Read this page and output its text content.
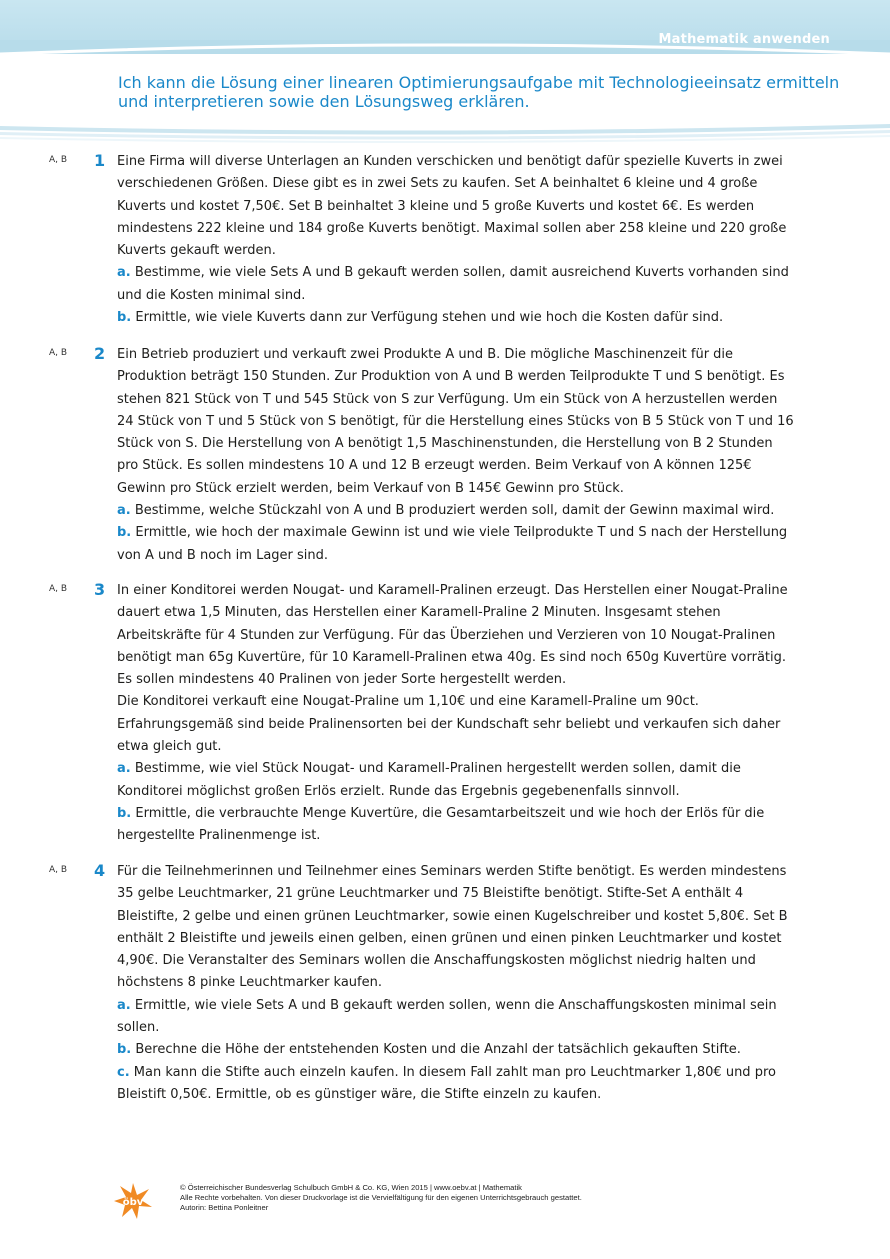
Mathematik anwenden
Ich kann die Lösung einer linearen Optimierungsaufgabe mit Technologieeinsatz ermitteln und interpretieren sowie den Lösungsweg erklären.
A, B 1 Eine Firma will diverse Unterlagen an Kunden verschicken und benötigt dafür spezielle Kuverts in zwei verschiedenen Größen. Diese gibt es in zwei Sets zu kaufen. Set A beinhaltet 6 kleine und 4 große Kuverts und kostet 7,50€. Set B beinhaltet 3 kleine und 5 große Kuverts und kostet 6€. Es werden mindestens 222 kleine und 184 große Kuverts benötigt. Maximal sollen aber 258 kleine und 220 große Kuverts gekauft werden.

a. Bestimme, wie viele Sets A und B gekauft werden sollen, damit ausreichend Kuverts vorhanden sind und die Kosten minimal sind.

b. Ermittle, wie viele Kuverts dann zur Verfügung stehen und wie hoch die Kosten dafür sind.

A, B 2 Ein Betrieb produziert und verkauft zwei Produkte A und B. Die mögliche Maschinenzeit für die Produktion beträgt 150 Stunden. Zur Produktion von A und B werden Teilprodukte T und S benötigt. Es stehen 821 Stück von T und 545 Stück von S zur Verfügung. Um ein Stück von A herzustellen werden 24 Stück von T und 5 Stück von S benötigt, für die Herstellung eines Stücks von B 5 Stück von T und 16 Stück von S. Die Herstellung von A benötigt 1,5 Maschinenstunden, die Herstellung von B 2 Stunden pro Stück. Es sollen mindestens 10 A und 12 B erzeugt werden. Beim Verkauf von A können 125€ Gewinn pro Stück erzielt werden, beim Verkauf von B 145€ Gewinn pro Stück.

a. Bestimme, welche Stückzahl von A und B produziert werden soll, damit der Gewinn maximal wird.

b. Ermittle, wie hoch der maximale Gewinn ist und wie viele Teilprodukte T und S nach der Herstellung von A und B noch im Lager sind.

A, B 3 In einer Konditorei werden Nougat- und Karamell-Pralinen erzeugt. Das Herstellen einer Nougat-Praline dauert etwa 1,5 Minuten, das Herstellen einer Karamell-Praline 2 Minuten. Insgesamt stehen Arbeitskräfte für 4 Stunden zur Verfügung. Für das Überziehen und Verzieren von 10 Nougat-Pralinen benötigt man 65g Kuvertüre, für 10 Karamell-Pralinen etwa 40g. Es sind noch 650g Kuvertüre vorrätig. Es sollen mindestens 40 Pralinen von jeder Sorte hergestellt werden.

Die Konditorei verkauft eine Nougat-Praline um 1,10€ und eine Karamell-Praline um 90ct. Erfahrungsgemäß sind beide Pralinensorten bei der Kundschaft sehr beliebt und verkaufen sich daher etwa gleich gut.

a. Bestimme, wie viel Stück Nougat- und Karamell-Pralinen hergestellt werden sollen, damit die Konditorei möglichst großen Erlös erzielt. Runde das Ergebnis gegebenenfalls sinnvoll.

b. Ermittle, die verbrauchte Menge Kuvertüre, die Gesamtarbeitszeit und wie hoch der Erlös für die hergestellte Pralinenmenge ist.

A, B 4 Für die Teilnehmerinnen und Teilnehmer eines Seminars werden Stifte benötigt. Es werden mindestens 35 gelbe Leuchtmarker, 21 grüne Leuchtmarker und 75 Bleistifte benötigt. Stifte-Set A enthält 4 Bleistifte, 2 gelbe und einen grünen Leuchtmarker, sowie einen Kugelschreiber und kostet 5,80€. Set B enthält 2 Bleistifte und jeweils einen gelben, einen grünen und einen pinken Leuchtmarker und kostet 4,90€. Die Veranstalter des Seminars wollen die Anschaffungskosten möglichst niedrig halten und höchstens 8 pinke Leuchtmarker kaufen.

a. Ermittle, wie viele Sets A und B gekauft werden sollen, wenn die Anschaffungskosten minimal sein sollen.

b. Berechne die Höhe der entstehenden Kosten und die Anzahl der tatsächlich gekauften Stifte.

c. Man kann die Stifte auch einzeln kaufen. In diesem Fall zahlt man pro Leuchtmarker 1,80€ und pro Bleistift 0,50€. Ermittle, ob es günstiger wäre, die Stifte einzeln zu kaufen.

öbv
© Österreichischer Bundesverlag Schulbuch GmbH & Co. KG, Wien 2015 | www.oebv.at | Mathematik
Alle Rechte vorbehalten. Von dieser Druckvorlage ist die Vervielfältigung für den eigenen Unterrichtsgebrauch gestattet.
Autorin: Bettina Ponleitner
